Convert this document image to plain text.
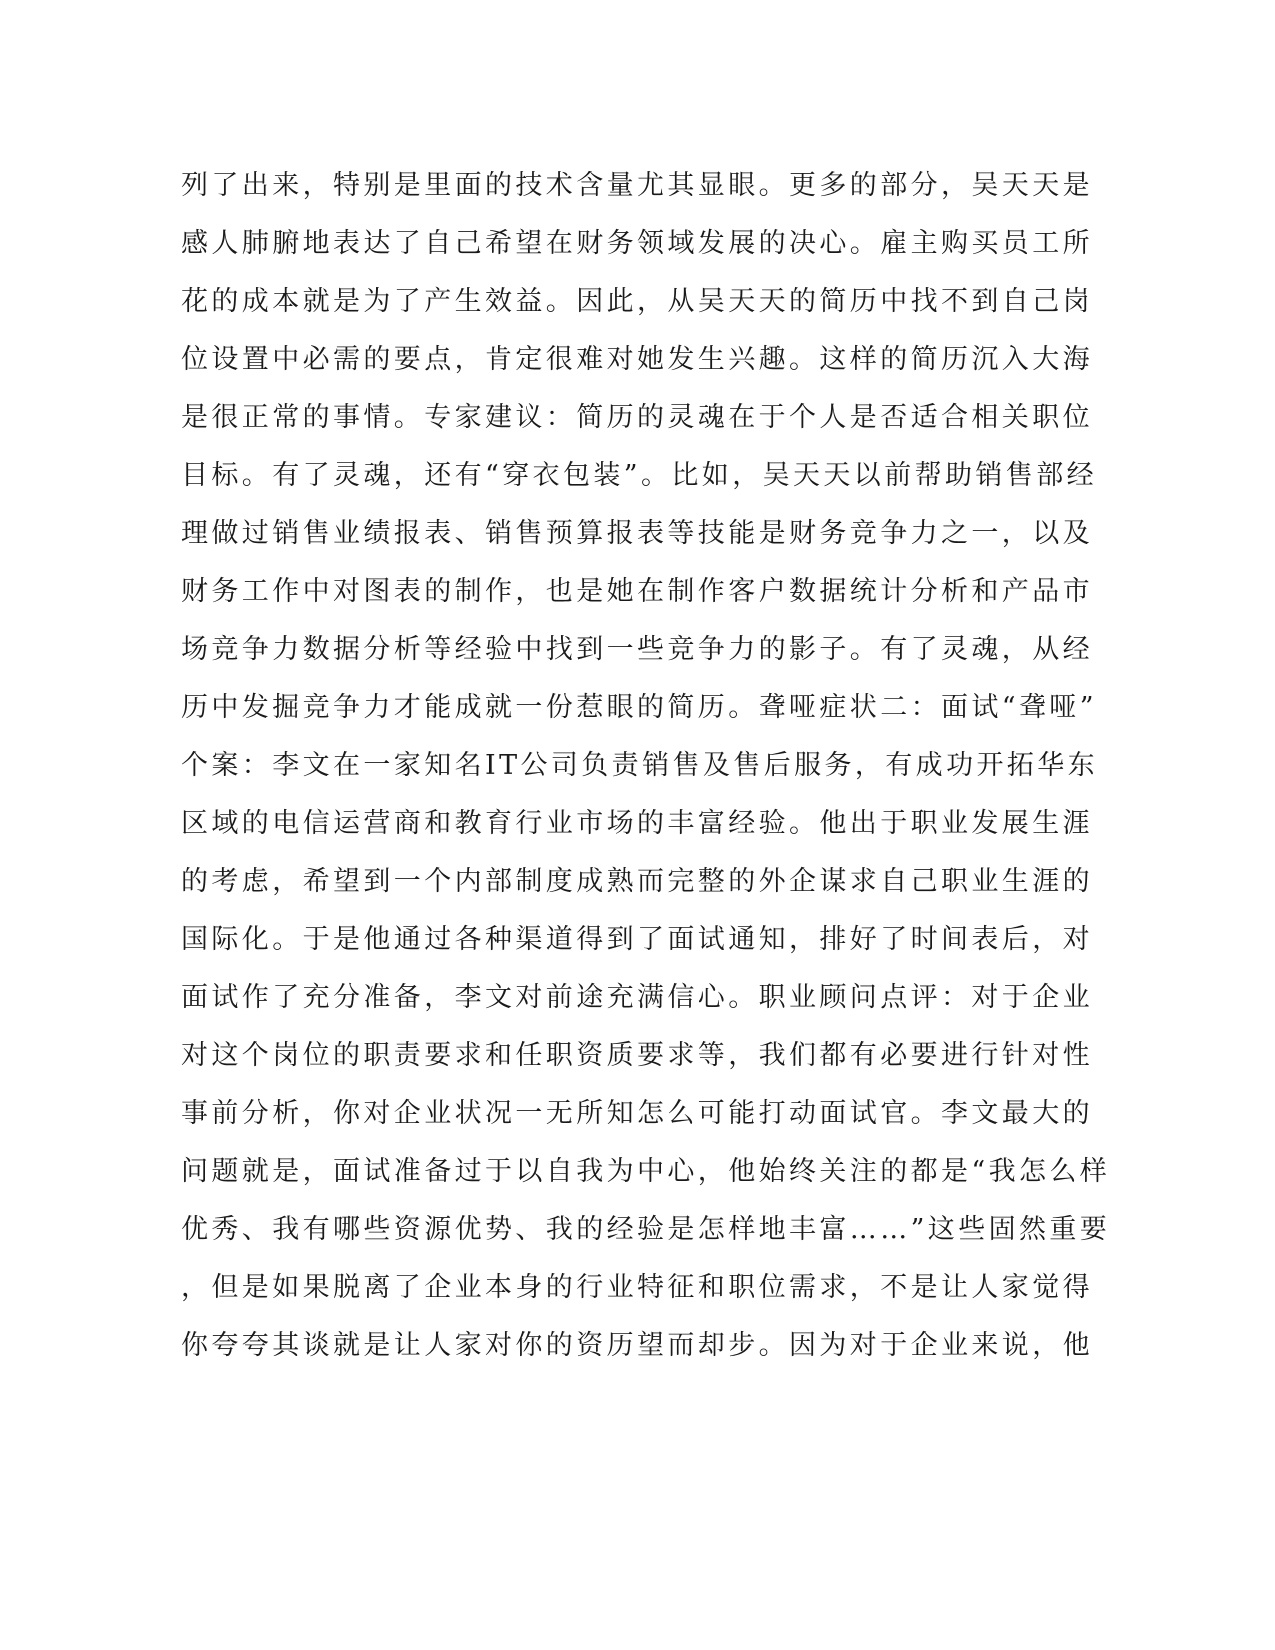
列了出来，特别是里面的技术含量尤其显眼。更多的部分，吴天天是
感人肺腑地表达了自己希望在财务领域发展的决心。雇主购买员工所
花的成本就是为了产生效益。因此，从吴天天的简历中找不到自己岗
位设置中必需的要点，肯定很难对她发生兴趣。这样的简历沉入大海
是很正常的事情。专家建议：简历的灵魂在于个人是否适合相关职位
目标。有了灵魂，还有“穿衣包装”。比如，吴天天以前帮助销售部经
理做过销售业绩报表、销售预算报表等技能是财务竞争力之一，以及
财务工作中对图表的制作，也是她在制作客户数据统计分析和产品市
场竞争力数据分析等经验中找到一些竞争力的影子。有了灵魂，从经
历中发掘竞争力才能成就一份惹眼的简历。聋哑症状二：面试“聋哑”
个案：李文在一家知名IT公司负责销售及售后服务，有成功开拓华东
区域的电信运营商和教育行业市场的丰富经验。他出于职业发展生涯
的考虑，希望到一个内部制度成熟而完整的外企谋求自己职业生涯的
国际化。于是他通过各种渠道得到了面试通知，排好了时间表后，对
面试作了充分准备，李文对前途充满信心。职业顾问点评：对于企业
对这个岗位的职责要求和任职资质要求等，我们都有必要进行针对性
事前分析，你对企业状况一无所知怎么可能打动面试官。李文最大的
问题就是，面试准备过于以自我为中心，他始终关注的都是“我怎么样
优秀、我有哪些资源优势、我的经验是怎样地丰富……”这些固然重要
，但是如果脱离了企业本身的行业特征和职位需求，不是让人家觉得
你夸夸其谈就是让人家对你的资历望而却步。因为对于企业来说，他
